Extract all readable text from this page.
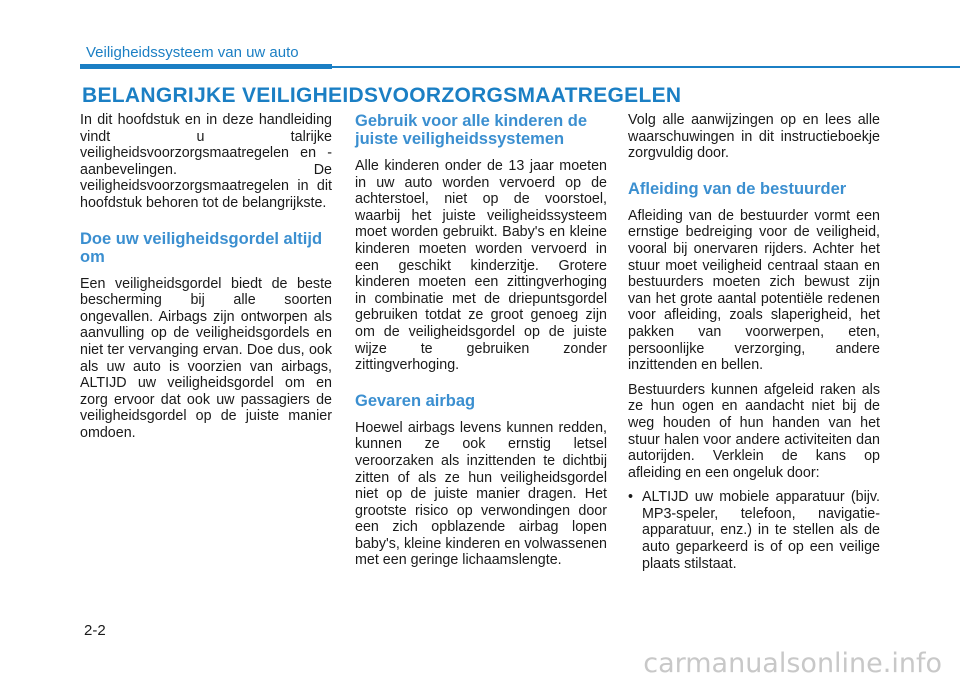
Veiligheidssysteem van uw auto
BELANGRIJKE VEILIGHEIDSVOORZORGSMAATREGELEN

In dit hoofdstuk en in deze handleiding vindt u talrijke veiligheidsvoorzorgsmaatregelen en -aanbevelingen. De veiligheidsvoorzorgsmaatregelen in dit hoofdstuk behoren tot de belangrijkste.

Doe uw veiligheidsgordel altijd om

Een veiligheidsgordel biedt de beste bescherming bij alle soorten ongevallen. Airbags zijn ontworpen als aanvulling op de veiligheidsgordels en niet ter vervanging ervan. Doe dus, ook als uw auto is voorzien van airbags, ALTIJD uw veiligheidsgordel om en zorg ervoor dat ook uw passagiers de veiligheidsgordel op de juiste manier omdoen.

Gebruik voor alle kinderen de juiste veiligheidssystemen

Alle kinderen onder de 13 jaar moeten in uw auto worden vervoerd op de achterstoel, niet op de voorstoel, waarbij het juiste veiligheidssysteem moet worden gebruikt. Baby's en kleine kinderen moeten worden vervoerd in een geschikt kinderzitje. Grotere kinderen moeten een zittingverhoging in combinatie met de driepuntsgordel gebruiken totdat ze groot genoeg zijn om de veiligheidsgordel op de juiste wijze te gebruiken zonder zittingverhoging.

Gevaren airbag

Hoewel airbags levens kunnen redden, kunnen ze ook ernstig letsel veroorzaken als inzittenden te dichtbij zitten of als ze hun veiligheidsgordel niet op de juiste manier dragen. Het grootste risico op verwondingen door een zich opblazende airbag lopen baby's, kleine kinderen en volwassenen met een geringe lichaamslengte.

Volg alle aanwijzingen op en lees alle waarschuwingen in dit instructieboekje zorgvuldig door.

Afleiding van de bestuurder

Afleiding van de bestuurder vormt een ernstige bedreiging voor de veiligheid, vooral bij onervaren rijders. Achter het stuur moet veiligheid centraal staan en bestuurders moeten zich bewust zijn van het grote aantal potentiële redenen voor afleiding, zoals slaperigheid, het pakken van voorwerpen, eten, persoonlijke verzorging, andere inzittenden en bellen.

Bestuurders kunnen afgeleid raken als ze hun ogen en aandacht niet bij de weg houden of hun handen van het stuur halen voor andere activiteiten dan autorijden. Verklein de kans op afleiding en een ongeluk door:

• ALTIJD uw mobiele apparatuur (bijv. MP3-speler, telefoon, navigatie-apparatuur, enz.) in te stellen als de auto geparkeerd is of op een veilige plaats stilstaat.
2-2
carmanualsonline.info
